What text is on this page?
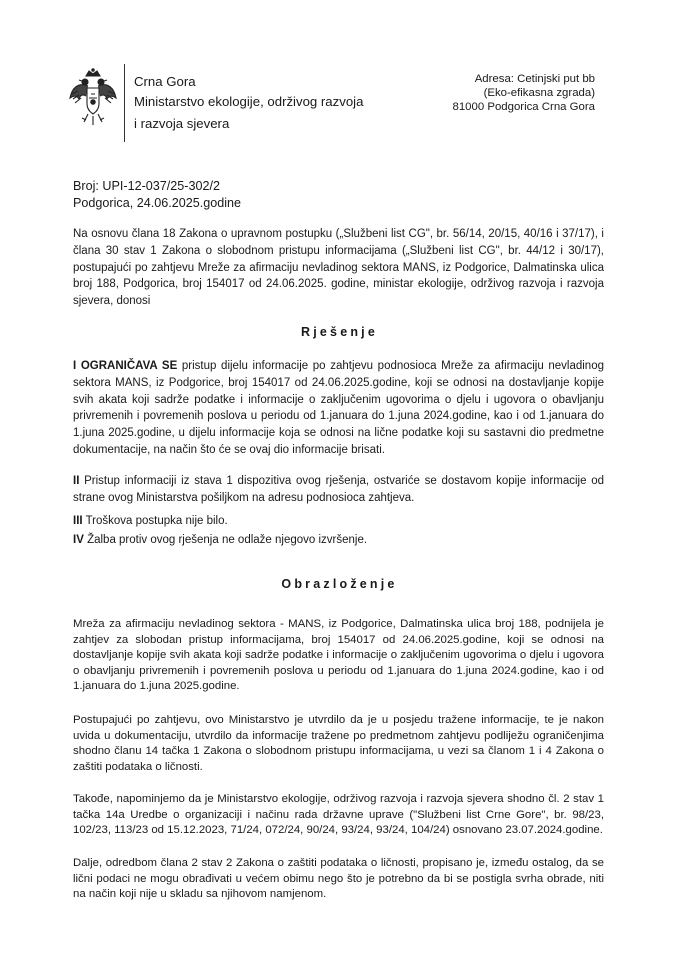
Crna Gora
Ministarstvo ekologije, održivog razvoja
i razvoja sjevera
Adresa: Cetinjski put bb
(Eko-efikasna zgrada)
81000 Podgorica Crna Gora
Broj: UPI-12-037/25-302/2
Podgorica, 24.06.2025.godine
Na osnovu člana 18 Zakona o upravnom postupku („Službeni list CG", br. 56/14, 20/15, 40/16 i 37/17), i člana 30 stav 1 Zakona o slobodnom pristupu informacijama („Službeni list CG", br. 44/12 i 30/17), postupajući po zahtjevu Mreže za afirmaciju nevladinog sektora MANS, iz Podgorice, Dalmatinska ulica broj 188, Podgorica, broj 154017 od 24.06.2025. godine, ministar ekologije, održivog razvoja i razvoja sjevera, donosi
Rješenje
I OGRANIČAVA SE pristup dijelu informacije po zahtjevu podnosioca Mreže za afirmaciju nevladinog sektora MANS, iz Podgorice, broj 154017 od 24.06.2025.godine, koji se odnosi na dostavljanje kopije svih akata koji sadrže podatke i informacije o zaključenim ugovorima o djelu i ugovora o obavljanju privremenih i povremenih poslova u periodu od 1.januara do 1.juna 2024.godine, kao i od 1.januara do 1.juna 2025.godine, u dijelu informacije koja se odnosi na lične podatke koji su sastavni dio predmetne dokumentacije, na način što će se ovaj dio informacije brisati.
II Pristup informaciji iz stava 1 dispozitiva ovog rješenja, ostvariće se dostavom kopije informacije od strane ovog Ministarstva pošiljkom na adresu podnosioca zahtjeva.
III Troškova postupka nije bilo.
IV Žalba protiv ovog rješenja ne odlaže njegovo izvršenje.
Obrazloženje
Mreža za afirmaciju nevladinog sektora - MANS, iz Podgorice, Dalmatinska ulica broj 188, podnijela je zahtjev za slobodan pristup informacijama, broj 154017 od 24.06.2025.godine, koji se odnosi na dostavljanje kopije svih akata koji sadrže podatke i informacije o zaključenim ugovorima o djelu i ugovora o obavljanju privremenih i povremenih poslova u periodu od 1.januara do 1.juna 2024.godine, kao i od 1.januara do 1.juna 2025.godine.
Postupajući po zahtjevu, ovo Ministarstvo je utvrdilo da je u posjedu tražene informacije, te je nakon uvida u dokumentaciju, utvrdilo da informacije tražene po predmetnom zahtjevu podliježu ograničenjima shodno članu 14 tačka 1 Zakona o slobodnom pristupu informacijama, u vezi sa članom 1 i 4 Zakona o zaštiti podataka o ličnosti.
Takođe, napominjemo da je Ministarstvo ekologije, održivog razvoja i razvoja sjevera shodno čl. 2 stav 1 tačka 14a Uredbe o organizaciji i načinu rada državne uprave ("Službeni list Crne Gore", br. 98/23, 102/23, 113/23 od 15.12.2023, 71/24, 072/24, 90/24, 93/24, 93/24, 104/24) osnovano 23.07.2024.godine.
Dalje, odredbom člana 2 stav 2 Zakona o zaštiti podataka o ličnosti, propisano je, između ostalog, da se lični podaci ne mogu obrađivati u većem obimu nego što je potrebno da bi se postigla svrha obrade, niti na način koji nije u skladu sa njihovom namjenom.
